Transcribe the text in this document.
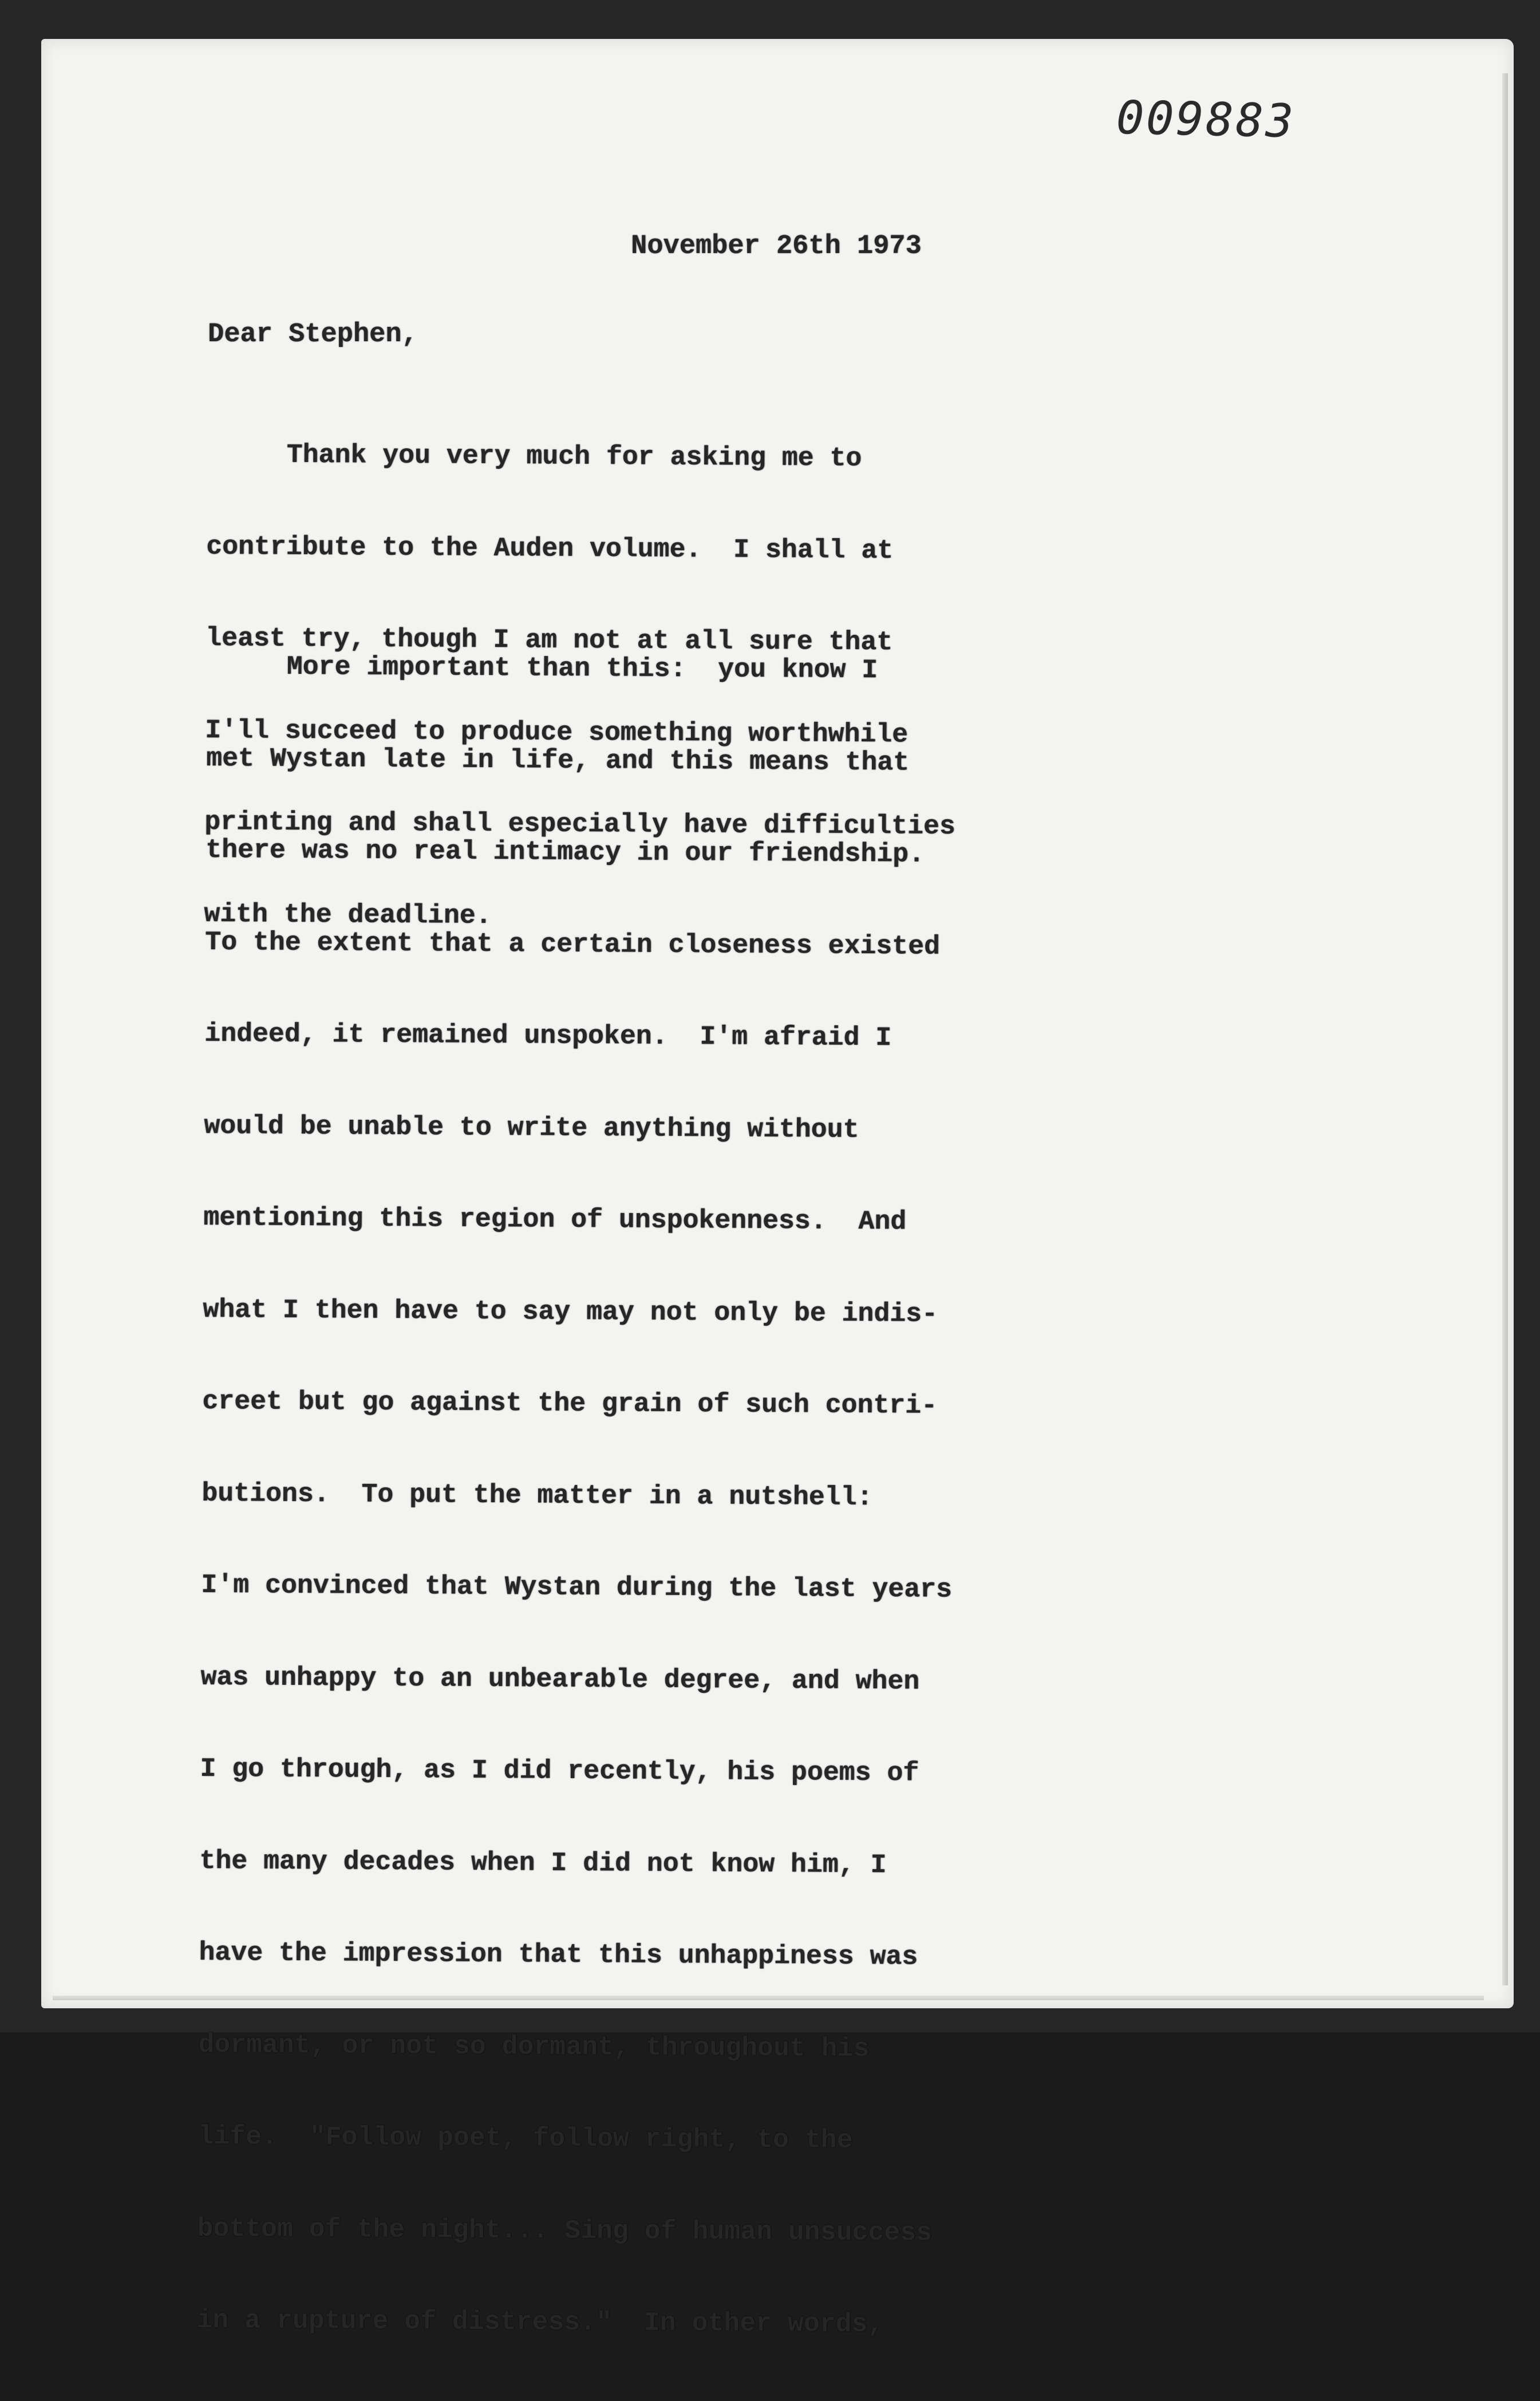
009883
November 26th 1973
Dear Stephen,

Thank you very much for asking me to

contribute to the Auden volume.  I shall at

least try, though I am not at all sure that

I'll succeed to produce something worthwhile

printing and shall especially have difficulties

with the deadline.

More important than this:  you know I

met Wystan late in life, and this means that

there was no real intimacy in our friendship.

To the extent that a certain closeness existed

indeed, it remained unspoken.  I'm afraid I

would be unable to write anything without

mentioning this region of unspokenness.  And

what I then have to say may not only be indis-

creet but go against the grain of such contri-

butions.  To put the matter in a nutshell:

I'm convinced that Wystan during the last years

was unhappy to an unbearable degree, and when

I go through, as I did recently, his poems of

the many decades when I did not know him, I

have the impression that this unhappiness was

dormant, or not so dormant, throughout his

life.  "Follow poet, follow right, to the

bottom of the night... Sing of human unsuccess

in a rupture of distress."  In other words,
